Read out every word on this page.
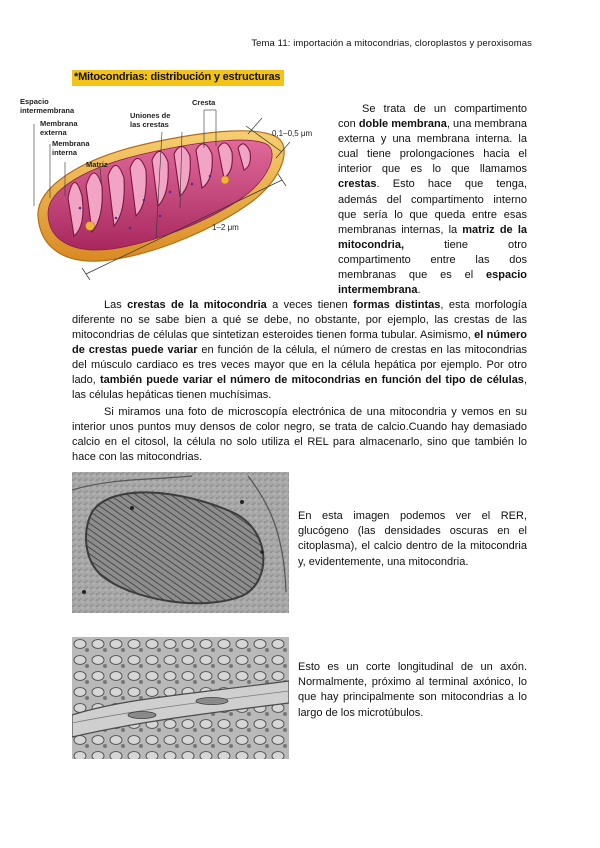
Tema 11: importación a mitocondrias, cloroplastos y peroxisomas
*Mitocondrias: distribución y estructuras
Espacio
intermembrana
Membrana
externa
Membrana
interna
Matriz
Uniones de
las crestas
Cresta
0,1–0,5 μm
1–2 μm

Se trata de un compartimento con doble membrana, una membrana externa y una membrana interna. la cual tiene prolongaciones hacia el interior que es lo que llamamos crestas. Esto hace que tenga, además del compartimento interno que sería lo que queda entre esas membranas internas, la matriz de la mitocondria, tiene otro compartimento entre las dos membranas que es el espacio intermembrana.

Las crestas de la mitocondria a veces tienen formas distintas, esta morfología diferente no se sabe bien a qué se debe, no obstante, por ejemplo, las crestas de las mitocondrias de células que sintetizan esteroides tienen forma tubular. Asimismo, el número de crestas puede variar en función de la célula, el número de crestas en las mitocondrias del músculo cardiaco es tres veces mayor que en la célula hepática por ejemplo. Por otro lado, también puede variar el número de mitocondrias en función del tipo de células, las células hepáticas tienen muchísimas.

Si miramos una foto de microscopía electrónica de una mitocondria y vemos en su interior unos puntos muy densos de color negro, se trata de calcio.Cuando hay demasiado calcio en el citosol, la célula no solo utiliza el REL para almacenarlo, sino que también lo hace con las mitocondrias.

En esta imagen podemos ver el RER, glucógeno (las densidades oscuras en el citoplasma), el calcio dentro de la mitocondria y, evidentemente, una mitocondria.

Esto es un corte longitudinal de un axón. Normalmente, próximo al terminal axónico, lo que hay principalmente son mitocondrias a lo largo de los microtúbulos.
